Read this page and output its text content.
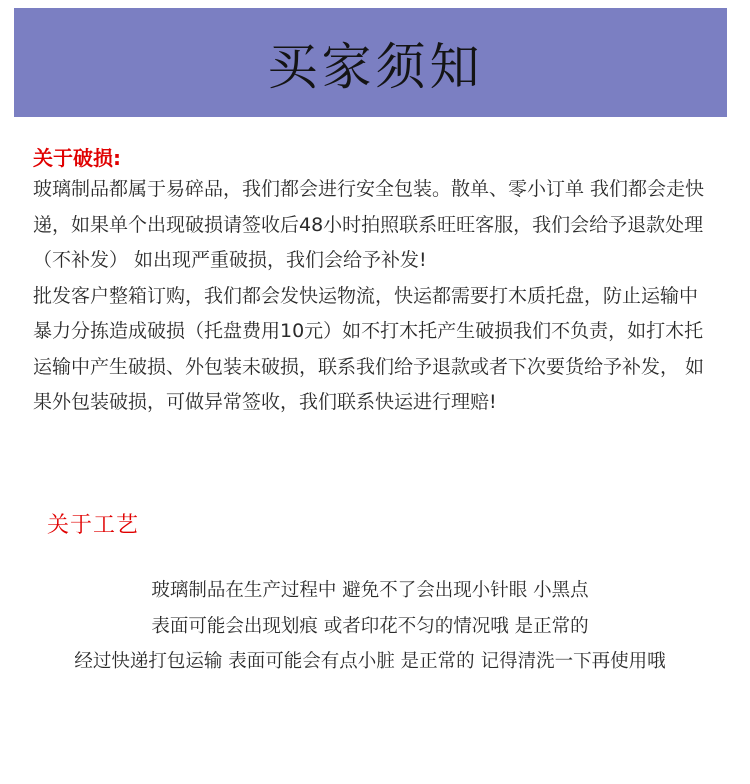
买家须知
关于破损:

玻璃制品都属于易碎品，我们都会进行安全包装。散单、零小订单 我们都会走快递，如果单个出现破损请签收后48小时拍照联系旺旺客服，我们会给予退款处理（不补发） 如出现严重破损，我们会给予补发!

批发客户整箱订购，我们都会发快运物流，快运都需要打木质托盘，防止运输中暴力分拣造成破损（托盘费用10元）如不打木托产生破损我们不负责，如打木托运输中产生破损、外包装未破损，联系我们给予退款或者下次要货给予补发， 如果外包装破损，可做异常签收，我们联系快运进行理赔!

关于工艺

玻璃制品在生产过程中 避免不了会出现小针眼 小黑点

表面可能会出现划痕 或者印花不匀的情况哦 是正常的

经过快递打包运输 表面可能会有点小脏 是正常的 记得清洗一下再使用哦
